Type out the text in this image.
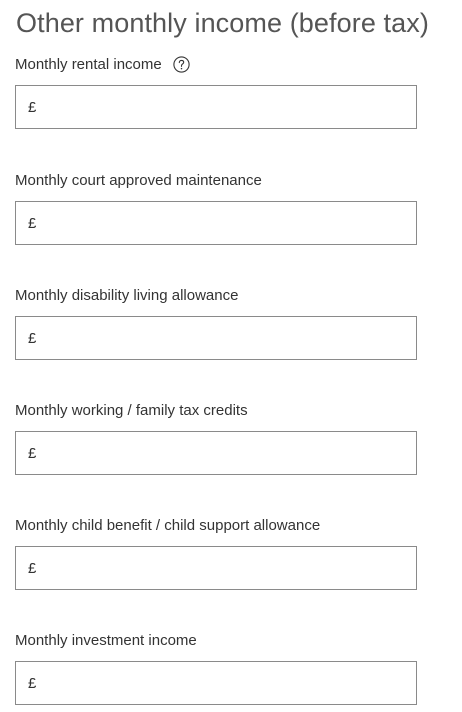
Other monthly income (before tax)
Monthly rental income
£
Monthly court approved maintenance
£
Monthly disability living allowance
£
Monthly working / family tax credits
£
Monthly child benefit / child support allowance
£
Monthly investment income
£
